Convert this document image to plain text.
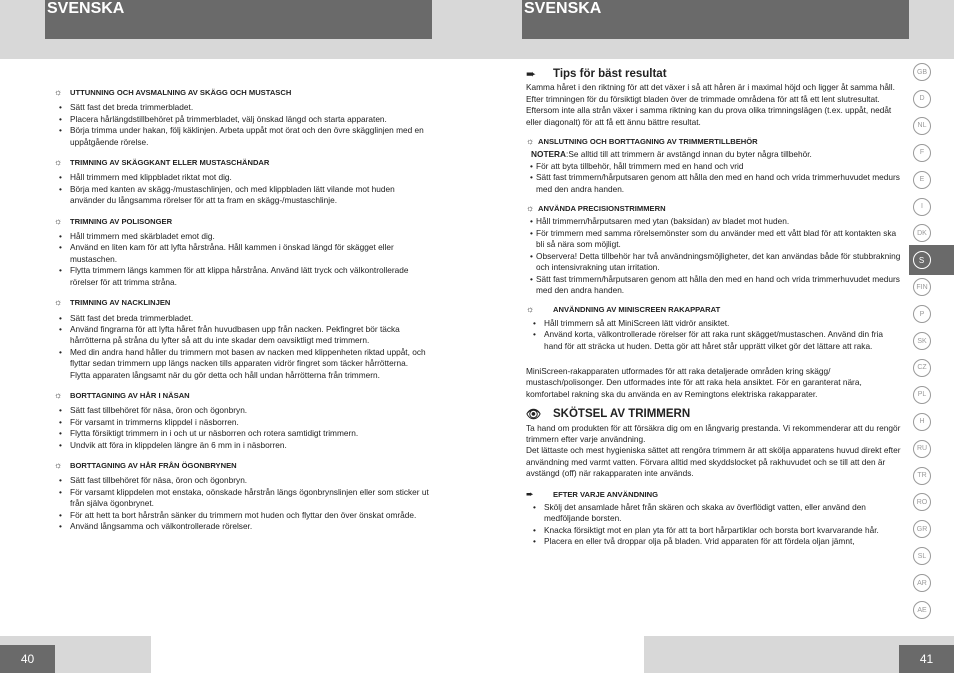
SVENSKA	SVENSKA
☼	UTTUNNING OCH AVSMALNING AV SKÄGG OCH MUSTASCH
• Sätt fast det breda trimmerbladet.
• Placera hårlängdstillbehöret på trimmerbladet, välj önskad längd och starta apparaten.
• Börja trimma under hakan, följ käklinjen. Arbeta uppåt mot örat och den övre skägglinjen med en uppåtgående rörelse.
☼	TRIMNING AV SKÄGGKANT ELLER MUSTASCHÄNDAR
• Håll trimmern med klippbladet riktat mot dig.
• Börja med kanten av skägg-/mustaschlinjen, och med klippbladen lätt vilande mot huden använder du långsamma rörelser för att ta fram en skägg-/mustaschlinje.
☼	TRIMNING AV POLISONGER
• Håll trimmern med skärbladet emot dig.
• Använd en liten kam för att lyfta hårstråna. Håll kammen i önskad längd för skägget eller mustaschen.
• Flytta trimmern längs kammen för att klippa hårstråna. Använd lätt tryck och välkontrollerade rörelser för att trimma stråna.
☼	TRIMNING AV NACKLINJEN
• Sätt fast det breda trimmerbladet.
• Använd fingrarna för att lyfta håret från huvudbasen upp från nacken. Pekfingret bör täcka hårrötterna på stråna du lyfter så att du inte skadar dem oavsiktligt med trimmern.
• Med din andra hand håller du trimmern mot basen av nacken med klippenheten riktad uppåt, och flyttar sedan trimmern upp längs nacken tills apparaten vidrör fingret som täcker hårrötterna. Flytta apparaten långsamt när du gör detta och håll undan hårrötterna från trimmern.
☼	BORTTAGNING AV HÅR I NÄSAN
• Sätt fast tillbehöret för näsa, öron och ögonbryn.
• För varsamt in trimmerns klippdel i näsborren.
• Flytta försiktigt trimmern in i och ut ur näsborren och rotera samtidigt trimmern.
• Undvik att föra in klippdelen längre än 6 mm in i näsborren.
☼	BORTTAGNING AV HÅR FRÅN ÖGONBRYNEN
• Sätt fast tillbehöret för näsa, öron och ögonbryn.
• För varsamt klippdelen mot enstaka, oönskade hårstrån längs ögonbrynslinjen eller som sticker ut från själva ögonbrynet.
• För att hett ta bort hårstrån sänker du trimmern mot huden och flyttar den över önskat område.
• Använd långsamma och välkontrollerade rörelser.
➨	Tips för bäst resultat

Kamma håret i den riktning för att det växer i så att håren är i maximal höjd och ligger åt samma håll.

Efter trimningen för du försiktigt bladen över de trimmade områdena för att få ett lent slutresultat.

Eftersom inte alla strån växer i samma riktning kan du prova olika trimningslägen (t.ex. uppåt, nedåt eller diagonalt) för att få ett ännu bättre resultat.

☼ ANSLUTNING OCH BORTTAGNING AV TRIMMERTILLBEHÖR
NOTERA:Se alltid till att trimmern är avstängd innan du byter några tillbehör.
• För att byta tillbehör, håll trimmern med en hand och vrid
• Sätt fast trimmern/hårputsaren genom att hålla den med en hand och vrida trimmerhuvudet medurs med den andra handen.
☼ ANVÄNDA PRECISIONSTRIMMERN
• Håll trimmern/hårputsaren med ytan (baksidan) av bladet mot huden.
• För trimmern med samma rörelsemönster som du använder med ett vått blad för att kontakten ska bli så nära som möjligt.
• Observera! Detta tillbehör har två användningsmöjligheter, det kan användas både för stubbrakning och intensivrakning utan irritation.
• Sätt fast trimmern/hårputsaren genom att hålla den med en hand och vrida trimmerhuvudet medurs med den andra handen.
☼	ANVÄNDNING AV MINISCREEN RAKAPPARAT
• Håll trimmern så att MiniScreen lätt vidrör ansiktet.
• Använd korta, välkontrollerade rörelser för att raka runt skägget/mustaschen. Använd din fria hand för att sträcka ut huden. Detta gör att håret står upprätt vilket gör det lättare att raka.

MiniScreen-rakapparaten utformades för att raka detaljerade områden kring skägg/ mustasch/polisonger. Den utformades inte för att raka hela ansiktet. För en garanterat nära, komfortabel rakning ska du använda en av Remingtons elektriska rakapparater.

👁	SKÖTSEL AV TRIMMERN

Ta hand om produkten för att försäkra dig om en långvarig prestanda. Vi rekommenderar att du rengör trimmern efter varje användning.

Det lättaste och mest hygieniska sättet att rengöra trimmern är att skölja apparatens huvud direkt efter användning med varmt vatten. Förvara alltid med skyddslocket på rakhuvudet och se till att den är avstängd (off) när rakapparaten inte används.

➨	EFTER VARJE ANVÄNDNING
• Skölj det ansamlade håret från skären och skaka av överflödigt vatten, eller använd den medföljande borsten.
• Knacka försiktigt mot en plan yta för att ta bort hårpartiklar och borsta bort kvarvarande hår.
• Placera en eller två droppar olja på bladen. Vrid apparaten för att fördela oljan jämnt,
GB
D
NL
F
E
I
DK
S
FIN
P
SK
CZ
PL
H
RU
TR
RO
GR
SL
AR
AE
40	41
